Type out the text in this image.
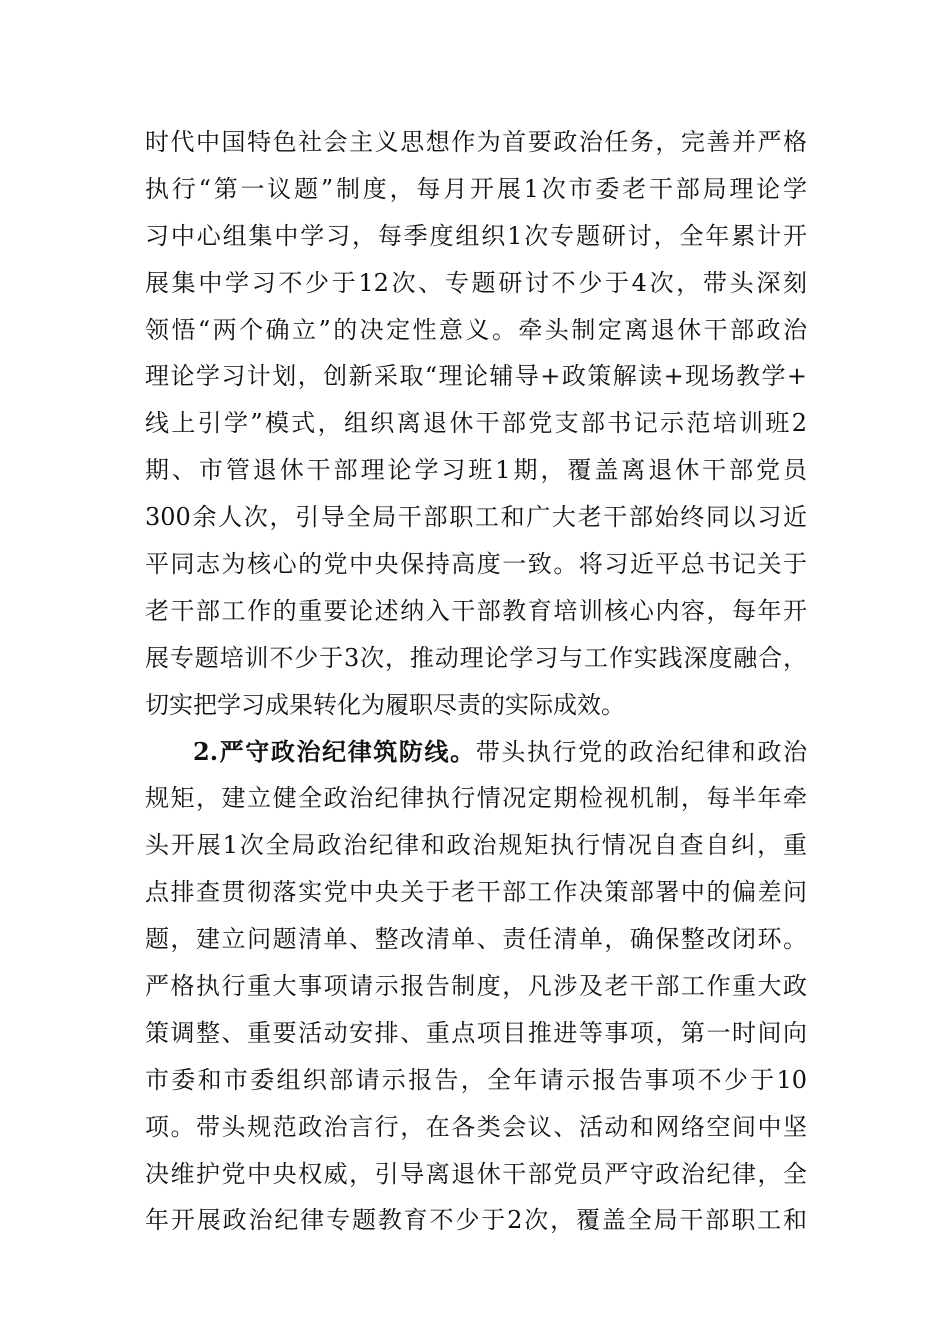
时代中国特色社会主义思想作为首要政治任务，完善并严格
执行“第一议题”制度，每月开展1次市委老干部局理论学
习中心组集中学习，每季度组织1次专题研讨，全年累计开
展集中学习不少于12次、专题研讨不少于4次，带头深刻
领悟“两个确立”的决定性意义。牵头制定离退休干部政治
理论学习计划，创新采取“理论辅导+政策解读+现场教学+
线上引学”模式，组织离退休干部党支部书记示范培训班2
期、市管退休干部理论学习班1期，覆盖离退休干部党员
300余人次，引导全局干部职工和广大老干部始终同以习近
平同志为核心的党中央保持高度一致。将习近平总书记关于
老干部工作的重要论述纳入干部教育培训核心内容，每年开
展专题培训不少于3次，推动理论学习与工作实践深度融合，
切实把学习成果转化为履职尽责的实际成效。
2.严守政治纪律筑防线。带头执行党的政治纪律和政治
规矩，建立健全政治纪律执行情况定期检视机制，每半年牵
头开展1次全局政治纪律和政治规矩执行情况自查自纠，重
点排查贯彻落实党中央关于老干部工作决策部署中的偏差问
题，建立问题清单、整改清单、责任清单，确保整改闭环。
严格执行重大事项请示报告制度，凡涉及老干部工作重大政
策调整、重要活动安排、重点项目推进等事项，第一时间向
市委和市委组织部请示报告，全年请示报告事项不少于10
项。带头规范政治言行，在各类会议、活动和网络空间中坚
决维护党中央权威，引导离退休干部党员严守政治纪律，全
年开展政治纪律专题教育不少于2次，覆盖全局干部职工和
